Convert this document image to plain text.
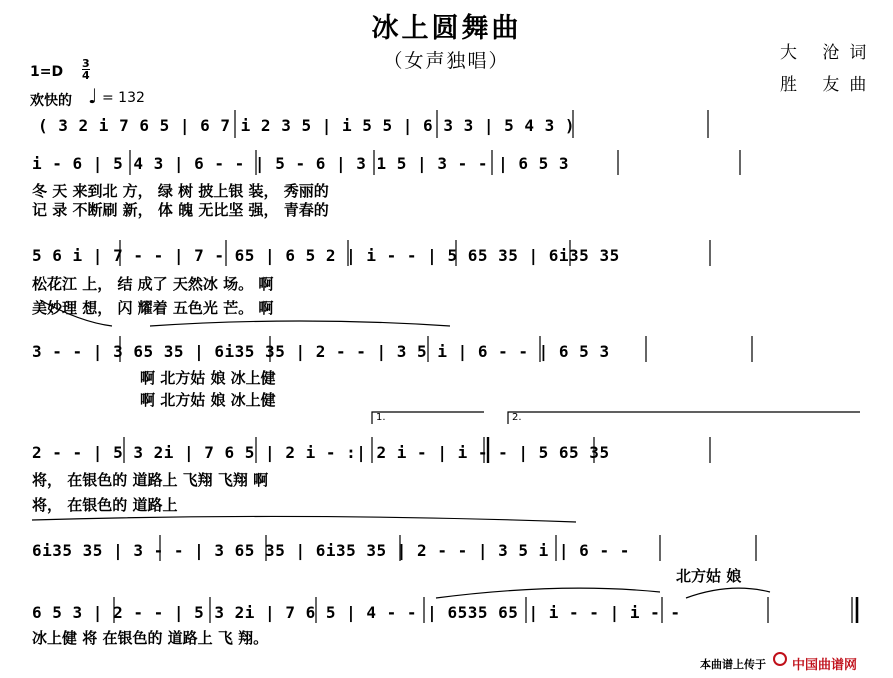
冰上圆舞曲
（女声独唱）	大 沧词
胜 友曲
1=D
3
4
欢快的 ♩ = 132
( 3 2 i 7 6 5 | 6 7 i 2 3 5 | i 5 5 | 6 3 3 | 5 4 3 )
i - 6 | 5 4 3 | 6 - - | 5 - 6 | 3 1 5 | 3 - - | 6 5 3
冬 天 来到北 方， 绿 树 披上银 装， 秀丽的
记 录 不断刷 新， 体 魄 无比坚 强， 青春的
5 6 i | 7 - - | 7 - 65 | 6 5 2 | i - - | 5 65 35 | 6i35 35
松花江 上， 结 成了 天然冰 场。 啊
美妙理 想， 闪 耀着 五色光 芒。 啊
3 - - | 3 65 35 | 6i35 35 | 2 - - | 3 5 i | 6 - - | 6 5 3
啊 北方姑 娘 冰上健
啊 北方姑 娘 冰上健
1.	2.
2 - - | 5 3 2i | 7 6 5 | 2 i - :| 2 i - | i - - | 5 65 35
将， 在银色的 道路上 飞翔 飞翔 啊
将， 在银色的 道路上
6i35 35 | 3 - - | 3 65 35 | 6i35 35 | 2 - - | 3 5 i | 6 - -
北方姑 娘
6 5 3 | 2 - - | 5 3 2i | 7 6 5 | 4 - - | 6535 65 | i - - | i - -
冰上健 将 在银色的 道路上 飞 翔。
本曲谱上传于 中国曲谱网
